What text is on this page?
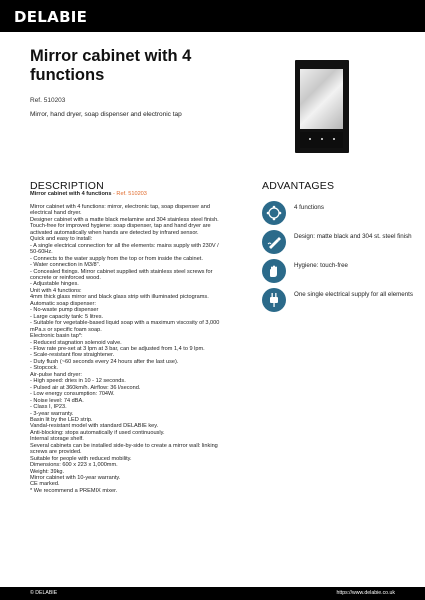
DELABIE
Mirror cabinet with 4 functions
Ref. 510203
Mirror, hand dryer, soap dispenser and electronic tap
DESCRIPTION	ADVANTAGES
Mirror cabinet with 4 functions - Ref. 510203
Mirror cabinet with 4 functions: mirror, electronic tap, soap dispenser and
electrical hand dryer.
Designer cabinet with a matte black melamine and 304 stainless steel finish.
Touch-free for improved hygiene: soap dispenser, tap and hand dryer are
activated automatically when hands are detected by infrared sensor.
Quick and easy to install:
- A single electrical connection for all the elements: mains supply with 230V /
50-60Hz.
- Connects to the water supply from the top or from inside the cabinet.
- Water connection in M3/8".
- Concealed fixings. Mirror cabinet supplied with stainless steel screws for
concrete or reinforced wood.
- Adjustable hinges.
Unit with 4 functions:
4mm thick glass mirror and black glass strip with illuminated pictograms.
Automatic soap dispenser:
- No-waste pump dispenser
- Large capacity tank: 5 litres.
- Suitable for vegetable-based liquid soap with a maximum viscosity of 3,000
mPa.s or specific foam soap.
Electronic basin tap*:
- Reduced stagnation solenoid valve.
- Flow rate pre-set at 3 lpm at 3 bar, can be adjusted from 1,4 to 9 lpm.
- Scale-resistant flow straightener.
- Duty flush (~60 seconds every 24 hours after the last use).
- Stopcock.
Air-pulse hand dryer:
- High speed: dries in 10 - 12 seconds.
- Pulsed air at 360km/h. Airflow: 36 l/second.
- Low energy consumption: 704W.
- Noise level: 74 dBA.
- Class I, IP23.
- 3-year warranty.
Basin lit by the LED strip.
Vandal-resistant model with standard DELABIE key.
Anti-blocking: stops automatically if used continuously.
Internal storage shelf.
Several cabinets can be installed side-by-side to create a mirror wall: linking
screws are provided.
Suitable for people with reduced mobility.
Dimensions: 600 x 223 x 1,000mm.
Weight: 39kg.
Mirror cabinet with 10-year warranty.
CE marked.
* We recommend a PREMIX mixer.
4 functions
Design: matte black and 304 st. steel finish
Hygiene: touch-free
One single electrical supply for all elements
© DELABIE	https://www.delabie.co.uk
